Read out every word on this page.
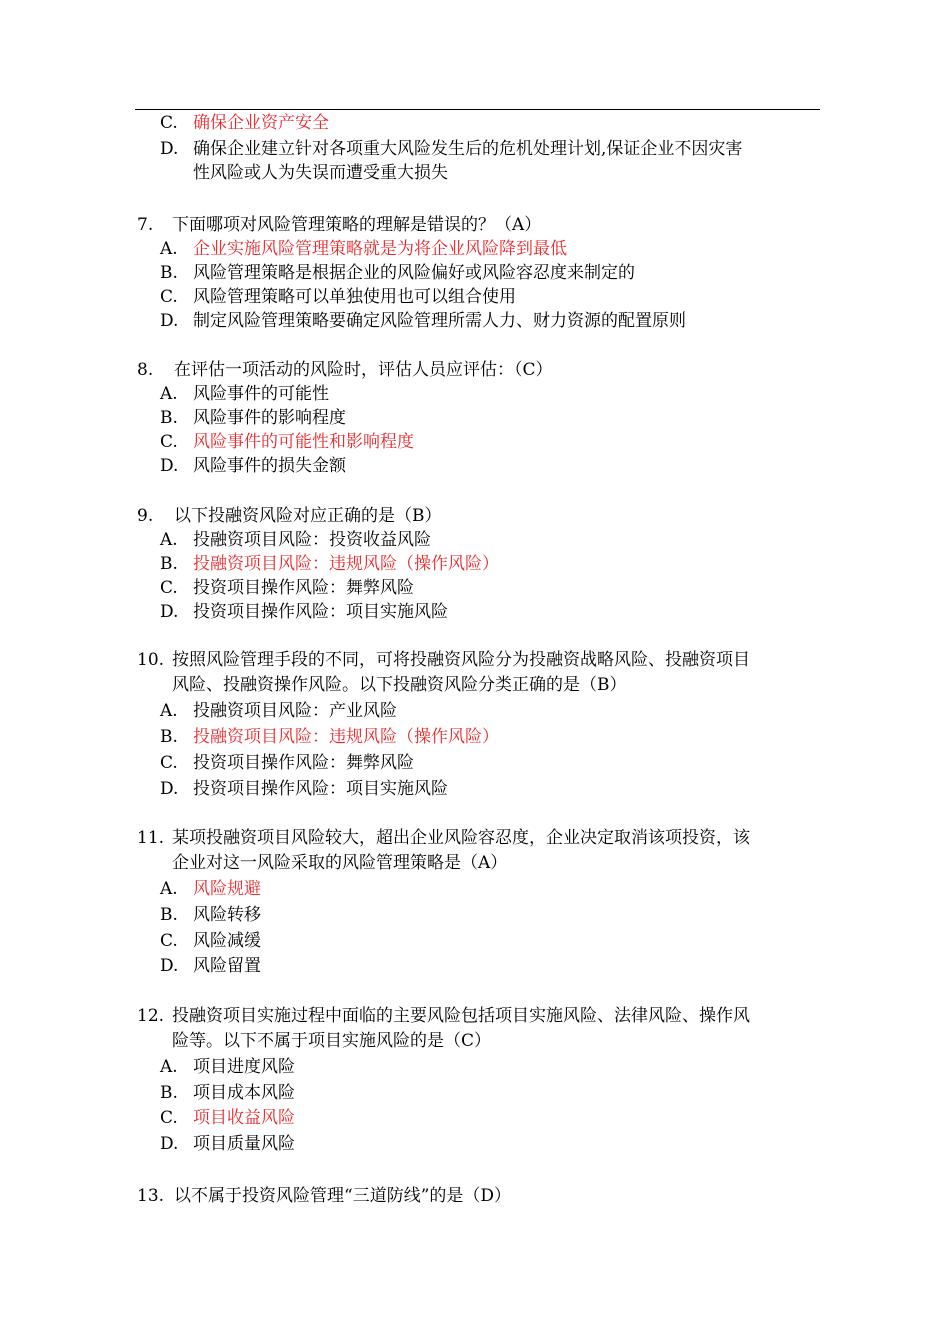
C. 确保企业资产安全
D. 确保企业建立针对各项重大风险发生后的危机处理计划,保证企业不因灾害
性风险或人为失误而遭受重大损失
7. 下面哪项对风险管理策略的理解是错误的？（A）
A. 企业实施风险管理策略就是为将企业风险降到最低
B. 风险管理策略是根据企业的风险偏好或风险容忍度来制定的
C. 风险管理策略可以单独使用也可以组合使用
D. 制定风险管理策略要确定风险管理所需人力、财力资源的配置原则
8. 在评估一项活动的风险时，评估人员应评估：（C）
A. 风险事件的可能性
B. 风险事件的影响程度
C. 风险事件的可能性和影响程度
D. 风险事件的损失金额
9. 以下投融资风险对应正确的是（B）
A. 投融资项目风险：投资收益风险
B. 投融资项目风险：违规风险（操作风险）
C. 投资项目操作风险：舞弊风险
D. 投资项目操作风险：项目实施风险
10. 按照风险管理手段的不同，可将投融资风险分为投融资战略风险、投融资项目
风险、投融资操作风险。以下投融资风险分类正确的是（B）
A. 投融资项目风险：产业风险
B. 投融资项目风险：违规风险（操作风险）
C. 投资项目操作风险：舞弊风险
D. 投资项目操作风险：项目实施风险
11. 某项投融资项目风险较大，超出企业风险容忍度，企业决定取消该项投资，该
企业对这一风险采取的风险管理策略是（A）
A. 风险规避
B. 风险转移
C. 风险减缓
D. 风险留置
12. 投融资项目实施过程中面临的主要风险包括项目实施风险、法律风险、操作风
险等。以下不属于项目实施风险的是（C）
A. 项目进度风险
B. 项目成本风险
C. 项目收益风险
D. 项目质量风险
13. 以不属于投资风险管理“三道防线”的是（D）
